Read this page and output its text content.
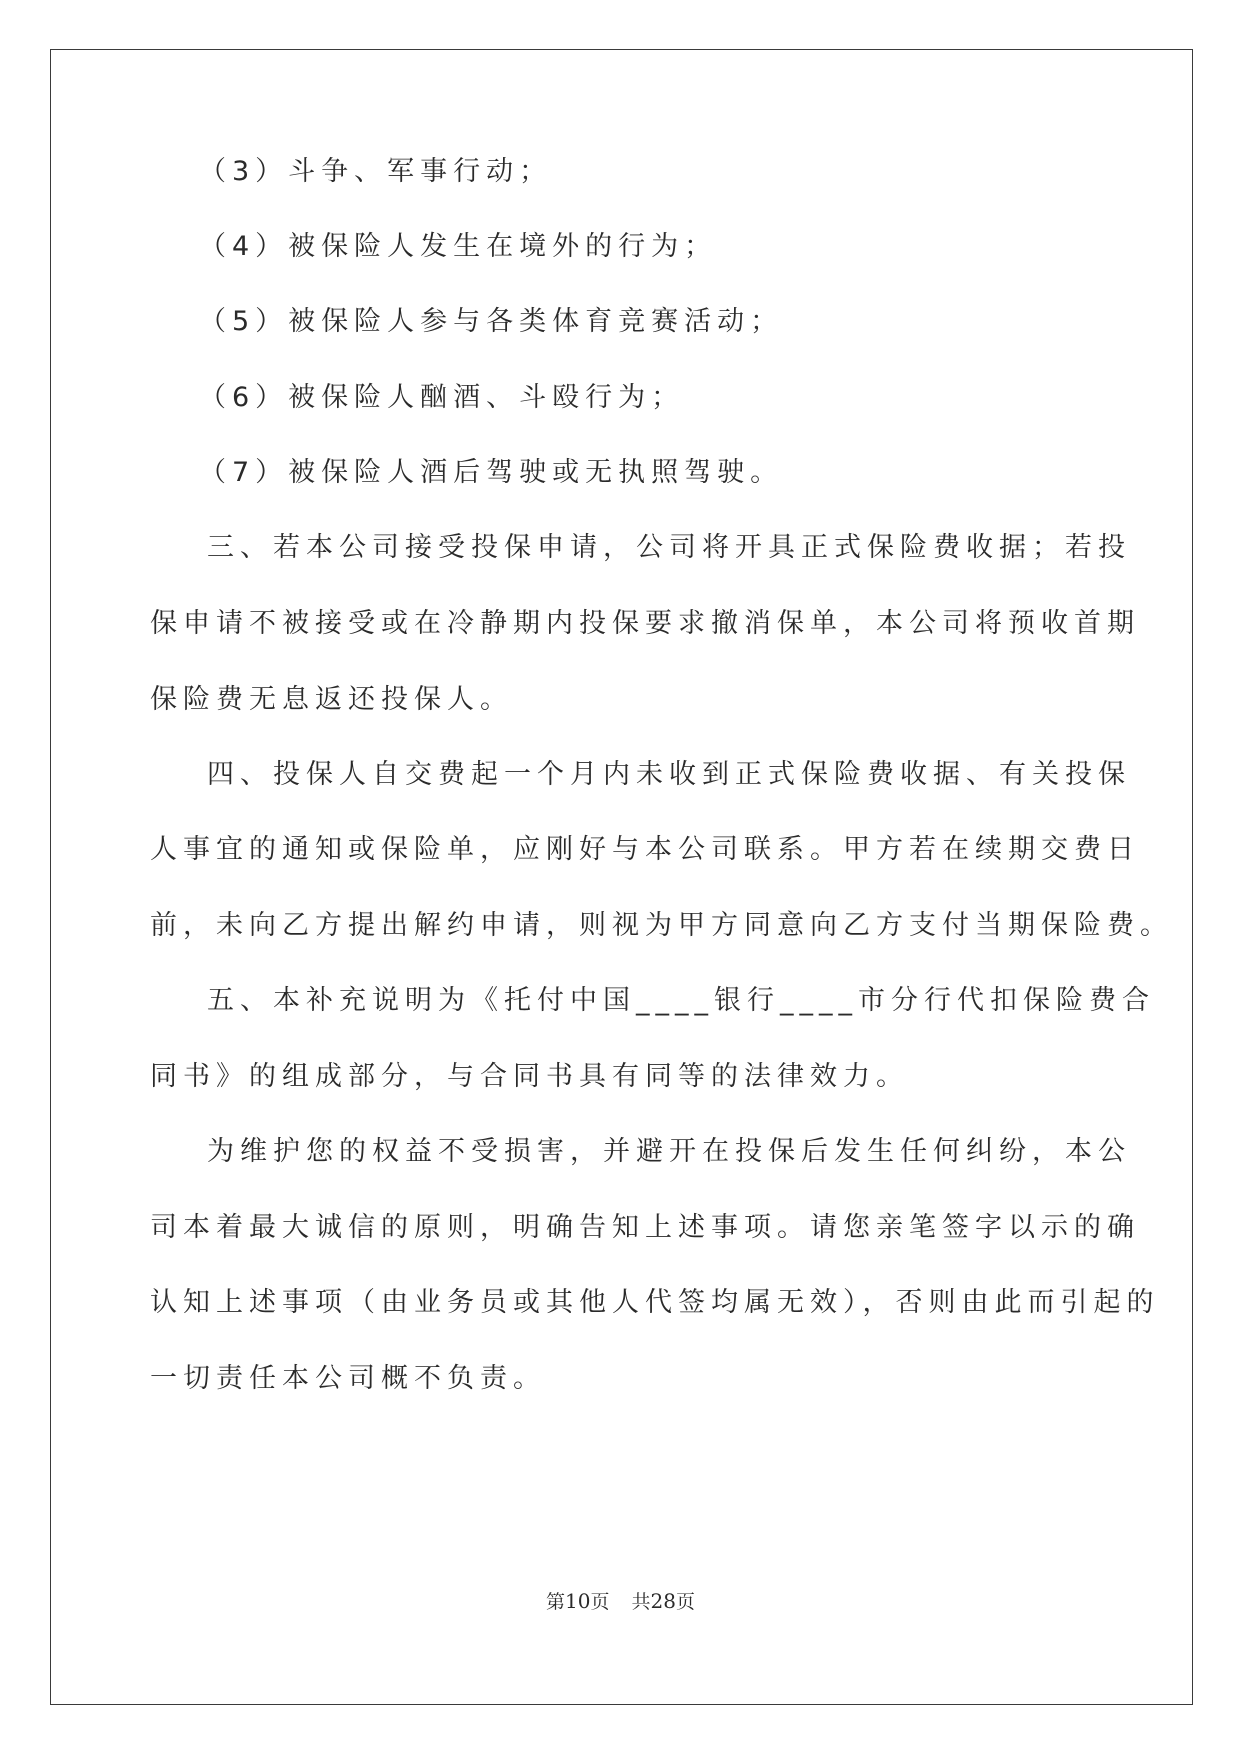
（3）斗争、军事行动；
（4）被保险人发生在境外的行为；
（5）被保险人参与各类体育竞赛活动；
（6）被保险人酗酒、斗殴行为；
（7）被保险人酒后驾驶或无执照驾驶。
三、若本公司接受投保申请，公司将开具正式保险费收据；若投
保申请不被接受或在冷静期内投保要求撤消保单，本公司将预收首期
保险费无息返还投保人。
四、投保人自交费起一个月内未收到正式保险费收据、有关投保
人事宜的通知或保险单，应刚好与本公司联系。甲方若在续期交费日
前，未向乙方提出解约申请，则视为甲方同意向乙方支付当期保险费。
五、本补充说明为《托付中国____银行____市分行代扣保险费合
同书》的组成部分，与合同书具有同等的法律效力。
为维护您的权益不受损害，并避开在投保后发生任何纠纷，本公
司本着最大诚信的原则，明确告知上述事项。请您亲笔签字以示的确
认知上述事项（由业务员或其他人代签均属无效），否则由此而引起的
一切责任本公司概不负责。
第10页 共28页
